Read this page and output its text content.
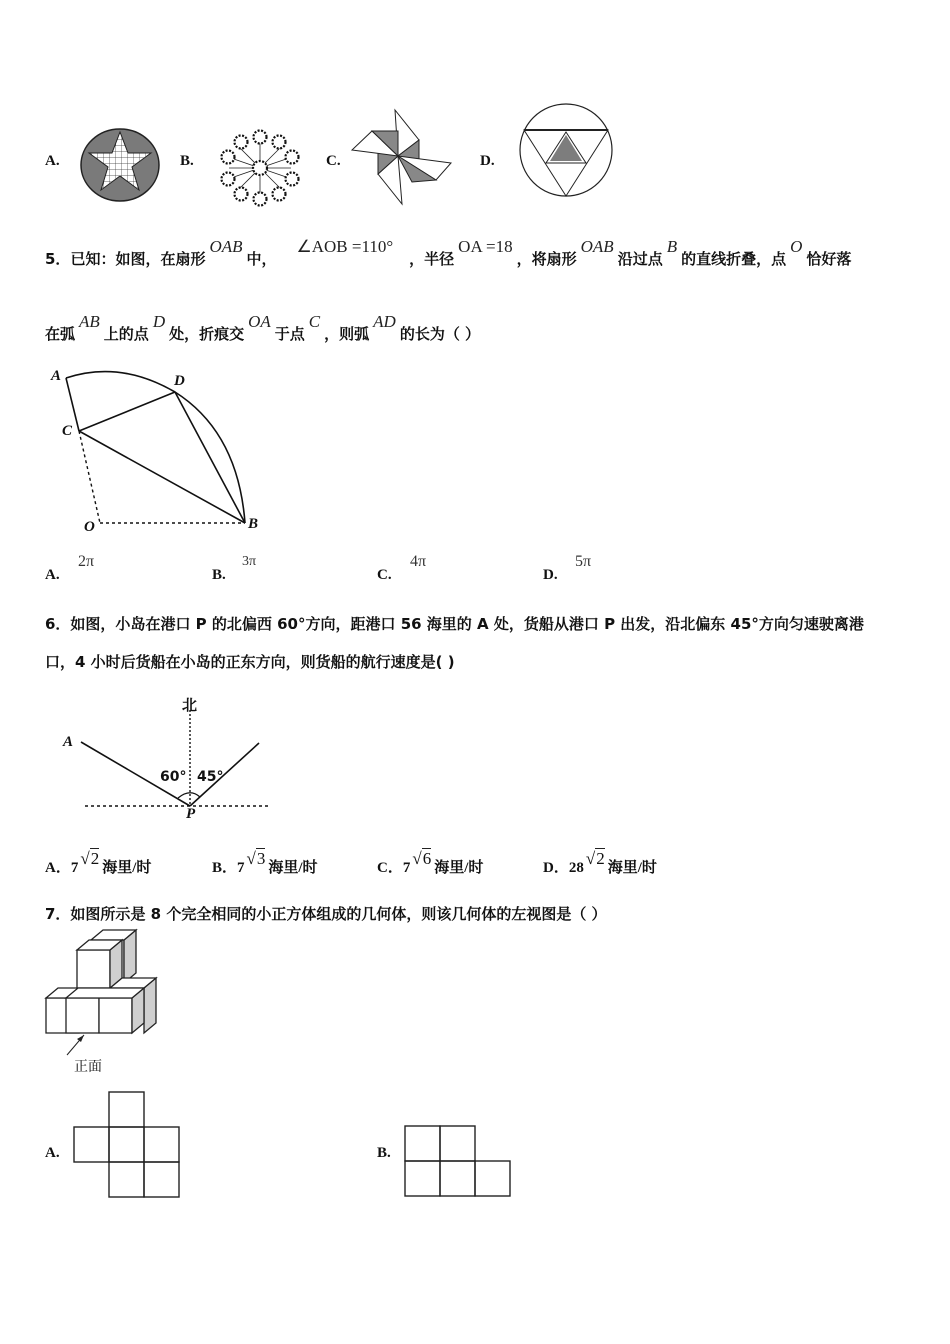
A.	B.	C.	D.
5．已知：如图，在扇形OAB中，∠AOB =110°，半径OA =18，将扇形OAB沿过点B的直线折叠，点O恰好落
在弧AB上的点D处，折痕交OA于点C，则弧AD的长为（ ）
A	D
C
O	B
A.
2π
B.
3π
C.
4π
D.
5π
6．如图，小岛在港口 P 的北偏西 60°方向，距港口 56 海里的 A 处，货船从港口 P 出发，沿北偏东 45°方向匀速驶离港
口，4 小时后货船在小岛的正东方向，则货船的航行速度是( )
北
A
60° 45°
P
A．7 √2 海里/时	B．7 √3 海里/时	C．7 √6 海里/时	D．28 √2 海里/时
7．如图所示是 8 个完全相同的小正方体组成的几何体，则该几何体的左视图是（ ）
正面
A.	B.
